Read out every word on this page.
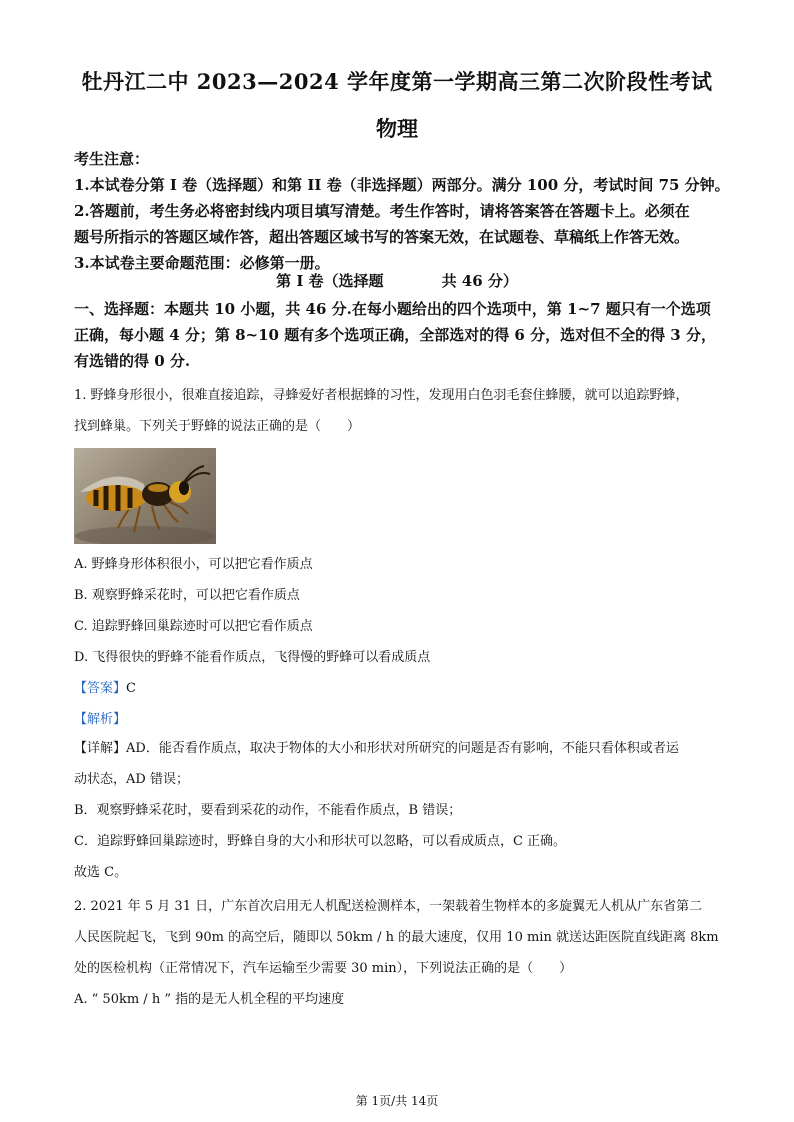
牡丹江二中 2023—2024 学年度第一学期高三第二次阶段性考试
物理
考生注意：
1.本试卷分第 I 卷（选择题）和第 II 卷（非选择题）两部分。满分 100 分，考试时间 75 分钟。
2.答题前，考生务必将密封线内项目填写清楚。考生作答时，请将答案答在答题卡上。必须在
题号所指示的答题区域作答，超出答题区域书写的答案无效，在试题卷、草稿纸上作答无效。
3.本试卷主要命题范围：必修第一册。
第 I 卷（选择题	共 46 分）
一、选择题：本题共 10 小题，共 46 分.在每小题给出的四个选项中，第 1~7 题只有一个选项
正确，每小题 4 分；第 8~10 题有多个选项正确，全部选对的得 6 分，选对但不全的得 3 分，
有选错的得 0 分.
1. 野蜂身形很小，很难直接追踪，寻蜂爱好者根据蜂的习性，发现用白色羽毛套住蜂腰，就可以追踪野蜂，
找到蜂巢。下列关于野蜂的说法正确的是（　　）
A. 野蜂身形体积很小，可以把它看作质点
B. 观察野蜂采花时，可以把它看作质点
C. 追踪野蜂回巢踪迹时可以把它看作质点
D. 飞得很快的野蜂不能看作质点，飞得慢的野蜂可以看成质点
【答案】C
【解析】
【详解】AD．能否看作质点，取决于物体的大小和形状对所研究的问题是否有影响，不能只看体积或者运
动状态，AD 错误；
B．观察野蜂采花时，要看到采花的动作，不能看作质点，B 错误；
C．追踪野蜂回巢踪迹时，野蜂自身的大小和形状可以忽略，可以看成质点，C 正确。
故选 C。
2. 2021 年 5 月 31 日，广东首次启用无人机配送检测样本，一架载着生物样本的多旋翼无人机从广东省第二
人民医院起飞，飞到 90m 的高空后，随即以 50km / h 的最大速度，仅用 10 min 就送达距医院直线距离 8km
处的医检机构（正常情况下，汽车运输至少需要 30 min），下列说法正确的是（　　）
A. “ 50km / h ” 指的是无人机全程的平均速度
第 1页/共 14页
